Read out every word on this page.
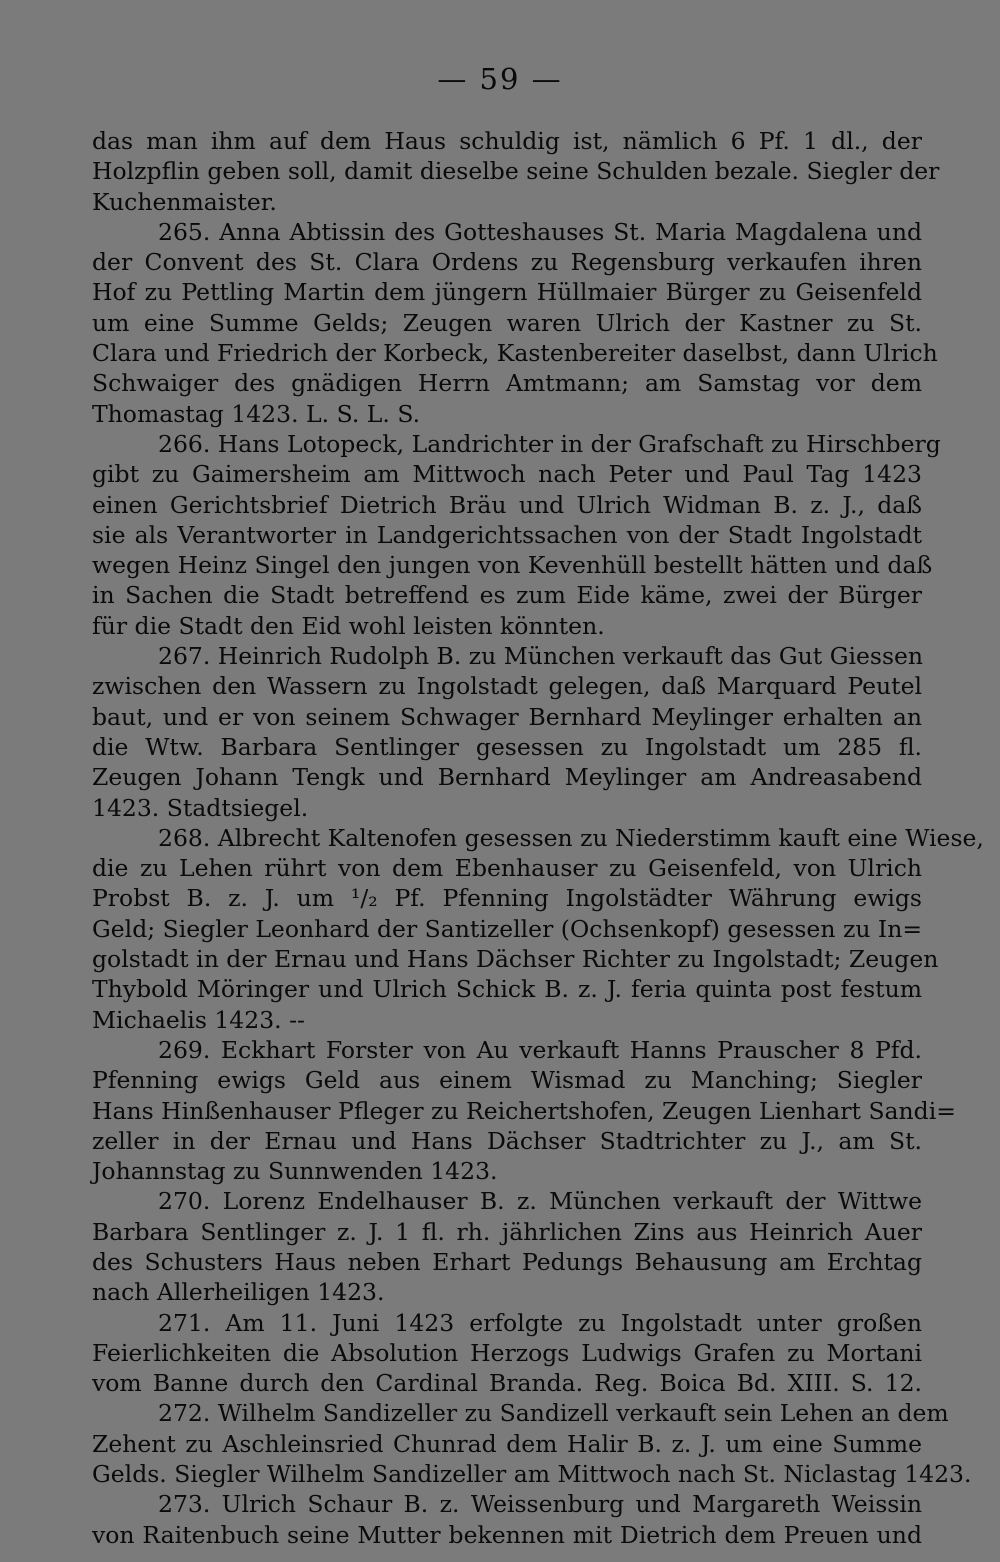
— 59 —
das man ihm auf dem Haus schuldig ist, nämlich 6 Pf. 1 dl., der
Holzpflin geben soll, damit dieselbe seine Schulden bezale. Siegler der
Kuchenmaister.
265. Anna Abtissin des Gotteshauses St. Maria Magdalena und
der Convent des St. Clara Ordens zu Regensburg verkaufen ihren
Hof zu Pettling Martin dem jüngern Hüllmaier Bürger zu Geisenfeld
um eine Summe Gelds; Zeugen waren Ulrich der Kastner zu St.
Clara und Friedrich der Korbeck, Kastenbereiter daselbst, dann Ulrich
Schwaiger des gnädigen Herrn Amtmann; am Samstag vor dem
Thomastag 1423. L. S. L. S.
266. Hans Lotopeck, Landrichter in der Grafschaft zu Hirschberg
gibt zu Gaimersheim am Mittwoch nach Peter und Paul Tag 1423
einen Gerichtsbrief Dietrich Bräu und Ulrich Widman B. z. J., daß
sie als Verantworter in Landgerichtssachen von der Stadt Ingolstadt
wegen Heinz Singel den jungen von Kevenhüll bestellt hätten und daß
in Sachen die Stadt betreffend es zum Eide käme, zwei der Bürger
für die Stadt den Eid wohl leisten könnten.
267. Heinrich Rudolph B. zu München verkauft das Gut Giessen
zwischen den Wassern zu Ingolstadt gelegen, daß Marquard Peutel
baut, und er von seinem Schwager Bernhard Meylinger erhalten an
die Wtw. Barbara Sentlinger gesessen zu Ingolstadt um 285 fl.
Zeugen Johann Tengk und Bernhard Meylinger am Andreasabend
1423. Stadtsiegel.
268. Albrecht Kaltenofen gesessen zu Niederstimm kauft eine Wiese,
die zu Lehen rührt von dem Ebenhauser zu Geisenfeld, von Ulrich
Probst B. z. J. um ¹/₂ Pf. Pfenning Ingolstädter Währung ewigs
Geld; Siegler Leonhard der Santizeller (Ochsenkopf) gesessen zu In=
golstadt in der Ernau und Hans Dächser Richter zu Ingolstadt; Zeugen
Thybold Möringer und Ulrich Schick B. z. J. feria quinta post festum
Michaelis 1423. --
269. Eckhart Forster von Au verkauft Hanns Prauscher 8 Pfd.
Pfenning ewigs Geld aus einem Wismad zu Manching; Siegler
Hans Hinßenhauser Pfleger zu Reichertshofen, Zeugen Lienhart Sandi=
zeller in der Ernau und Hans Dächser Stadtrichter zu J., am St.
Johannstag zu Sunnwenden 1423.
270. Lorenz Endelhauser B. z. München verkauft der Wittwe
Barbara Sentlinger z. J. 1 fl. rh. jährlichen Zins aus Heinrich Auer
des Schusters Haus neben Erhart Pedungs Behausung am Erchtag
nach Allerheiligen 1423.
271. Am 11. Juni 1423 erfolgte zu Ingolstadt unter großen
Feierlichkeiten die Absolution Herzogs Ludwigs Grafen zu Mortani
vom Banne durch den Cardinal Branda. Reg. Boica Bd. XIII. S. 12.
272. Wilhelm Sandizeller zu Sandizell verkauft sein Lehen an dem
Zehent zu Aschleinsried Chunrad dem Halir B. z. J. um eine Summe
Gelds. Siegler Wilhelm Sandizeller am Mittwoch nach St. Niclastag 1423.
273. Ulrich Schaur B. z. Weissenburg und Margareth Weissin
von Raitenbuch seine Mutter bekennen mit Dietrich dem Preuen und
